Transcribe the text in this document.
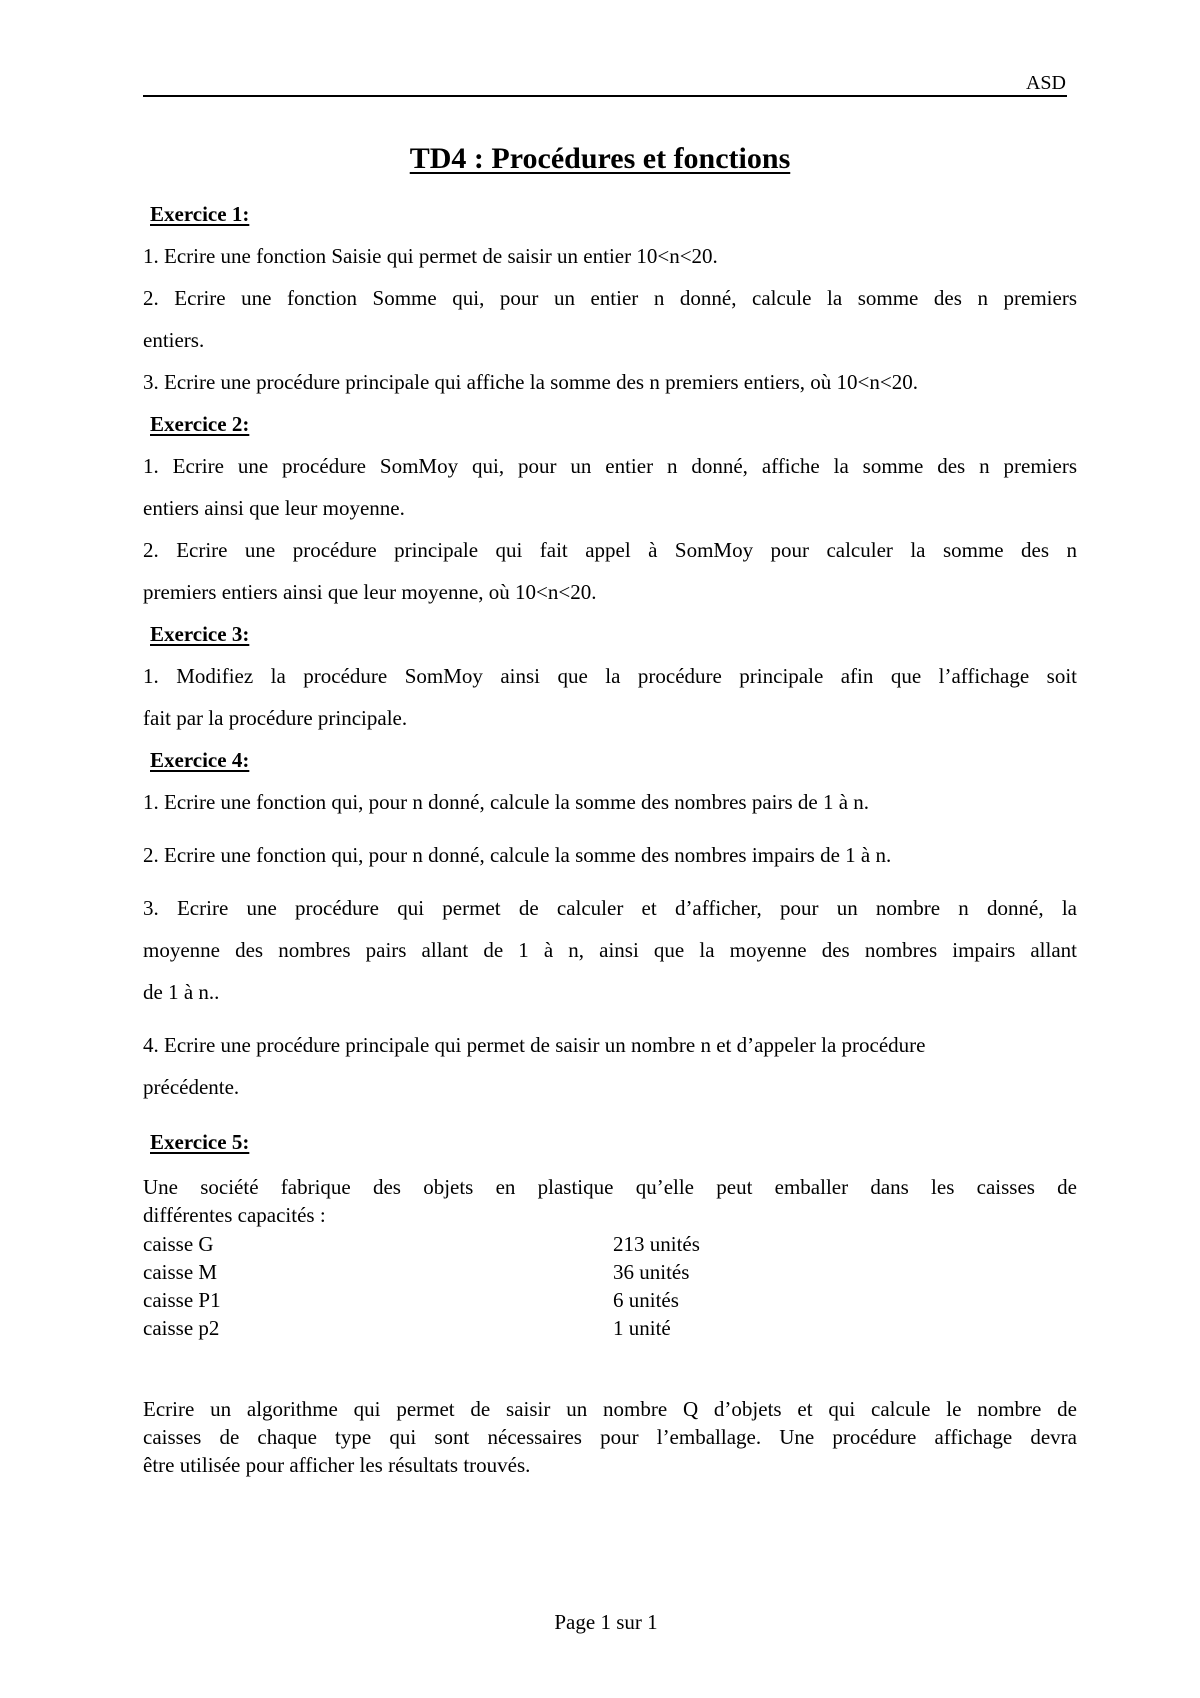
ASD
TD4 : Procédures et fonctions
Exercice 1:
1. Ecrire une fonction Saisie qui permet de saisir un entier 10<n<20.
2. Ecrire une fonction Somme qui, pour un entier n donné, calcule la somme des n premiers
entiers.
3. Ecrire une procédure principale qui affiche la somme des n premiers entiers, où 10<n<20.
Exercice 2:
1. Ecrire une procédure SomMoy qui, pour un entier n donné, affiche la somme des n premiers
entiers ainsi que leur moyenne.
2. Ecrire une procédure principale qui fait appel à SomMoy pour calculer la somme des n
premiers entiers ainsi que leur moyenne, où 10<n<20.
Exercice 3:
1. Modifiez la procédure SomMoy ainsi que la procédure principale afin que l’affichage soit
fait par la procédure principale.
Exercice 4:
1. Ecrire une fonction qui, pour n donné, calcule la somme des nombres pairs de 1 à n.
2. Ecrire une fonction qui, pour n donné, calcule la somme des nombres impairs de 1 à n.
3. Ecrire une procédure qui permet de calculer et d’afficher, pour un nombre n donné, la
moyenne des nombres pairs allant de 1 à n, ainsi que la moyenne des nombres impairs allant
de 1 à n..
4. Ecrire une procédure principale qui permet de saisir un nombre n et d’appeler la procédure
précédente.
Exercice 5:
Une société fabrique des objets en plastique qu’elle peut emballer dans les caisses de
différentes capacités :
caisse G	213 unités
caisse M	36 unités
caisse P1	6 unités
caisse p2	1 unité
Ecrire un algorithme qui permet de saisir un nombre Q d’objets et qui calcule le nombre de
caisses de chaque type qui sont nécessaires pour l’emballage. Une procédure affichage devra
être utilisée pour afficher les résultats trouvés.
Page 1 sur 1
